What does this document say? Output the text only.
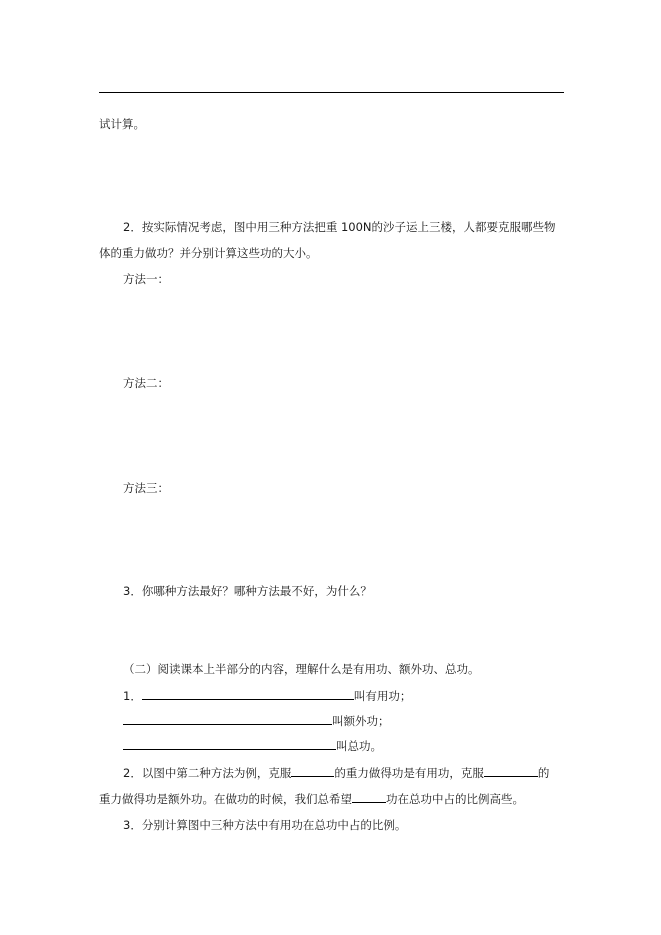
试计算。
2．按实际情况考虑，图中用三种方法把重 100N的沙子运上三楼，人都要克服哪些物
体的重力做功？并分别计算这些功的大小。
方法一：
方法二：
方法三：
3．你哪种方法最好？哪种方法最不好，为什么？
（二）阅读课本上半部分的内容，理解什么是有用功、额外功、总功。
1．	叫有用功；
叫额外功；
叫总功。
2．以图中第二种方法为例，克服	的重力做得功是有用功，克服	的
重力做得功是额外功。在做功的时候，我们总希望	功在总功中占的比例高些。
3．分别计算图中三种方法中有用功在总功中占的比例。
